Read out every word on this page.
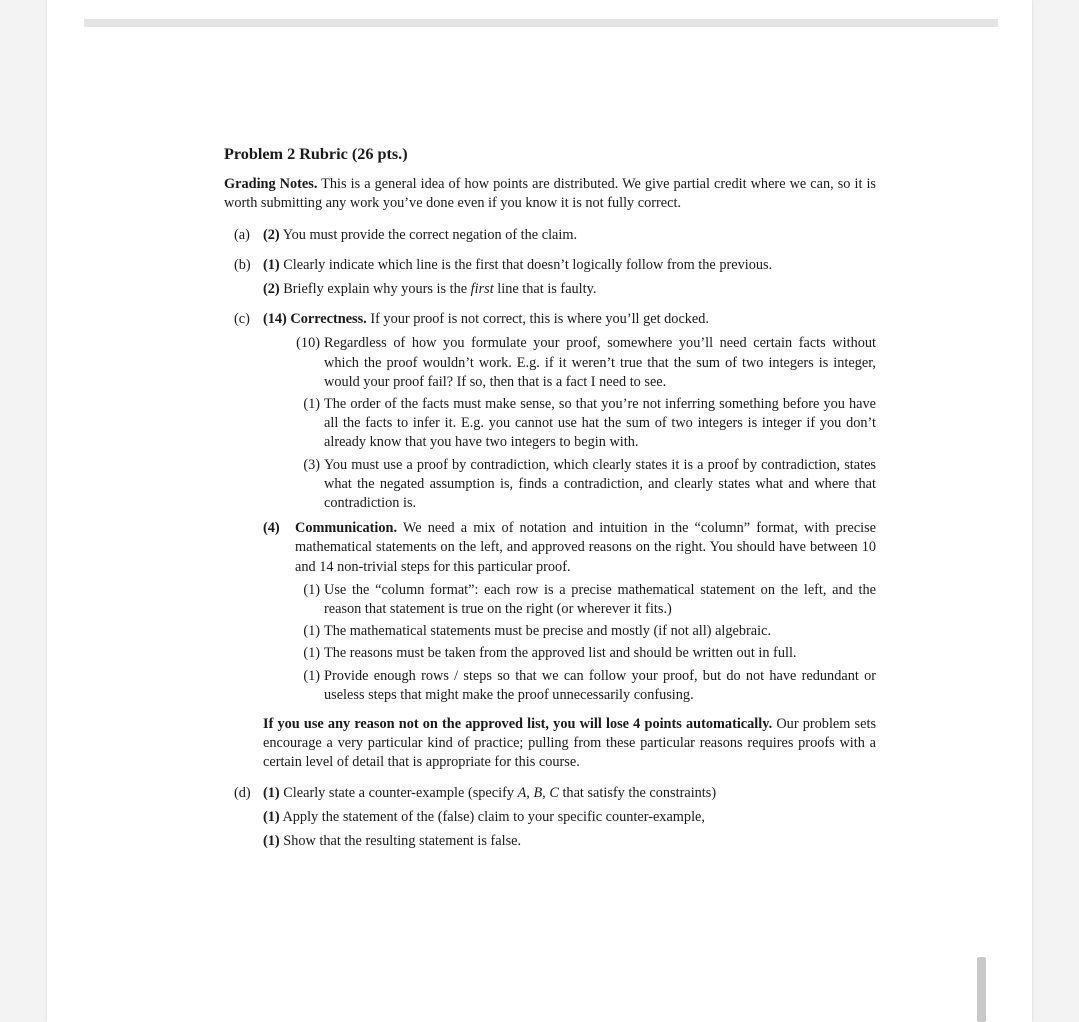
Problem 2 Rubric (26 pts.)
Grading Notes. This is a general idea of how points are distributed. We give partial credit where we can, so it is worth submitting any work you’ve done even if you know it is not fully correct.
(a) (2) You must provide the correct negation of the claim.
(b) (1) Clearly indicate which line is the first that doesn’t logically follow from the previous.
(2) Briefly explain why yours is the first line that is faulty.
(c) (14) Correctness. If your proof is not correct, this is where you’ll get docked.
(10) Regardless of how you formulate your proof, somewhere you’ll need certain facts without which the proof wouldn’t work. E.g. if it weren’t true that the sum of two integers is integer, would your proof fail? If so, then that is a fact I need to see.
(1) The order of the facts must make sense, so that you’re not inferring something before you have all the facts to infer it. E.g. you cannot use hat the sum of two integers is integer if you don’t already know that you have two integers to begin with.
(3) You must use a proof by contradiction, which clearly states it is a proof by contradiction, states what the negated assumption is, finds a contradiction, and clearly states what and where that contradiction is.
(4)	Communication. We need a mix of notation and intuition in the “column” format, with precise mathematical statements on the left, and approved reasons on the right. You should have between 10 and 14 non-trivial steps for this particular proof.
(1) Use the “column format”: each row is a precise mathematical statement on the left, and the reason that statement is true on the right (or wherever it fits.)
(1) The mathematical statements must be precise and mostly (if not all) algebraic.
(1) The reasons must be taken from the approved list and should be written out in full.
(1) Provide enough rows / steps so that we can follow your proof, but do not have redundant or useless steps that might make the proof unnecessarily confusing.
If you use any reason not on the approved list, you will lose 4 points automatically. Our problem sets encourage a very particular kind of practice; pulling from these particular reasons requires proofs with a certain level of detail that is appropriate for this course.
(d) (1) Clearly state a counter-example (specify A, B, C that satisfy the constraints)
(1) Apply the statement of the (false) claim to your specific counter-example,
(1) Show that the resulting statement is false.
